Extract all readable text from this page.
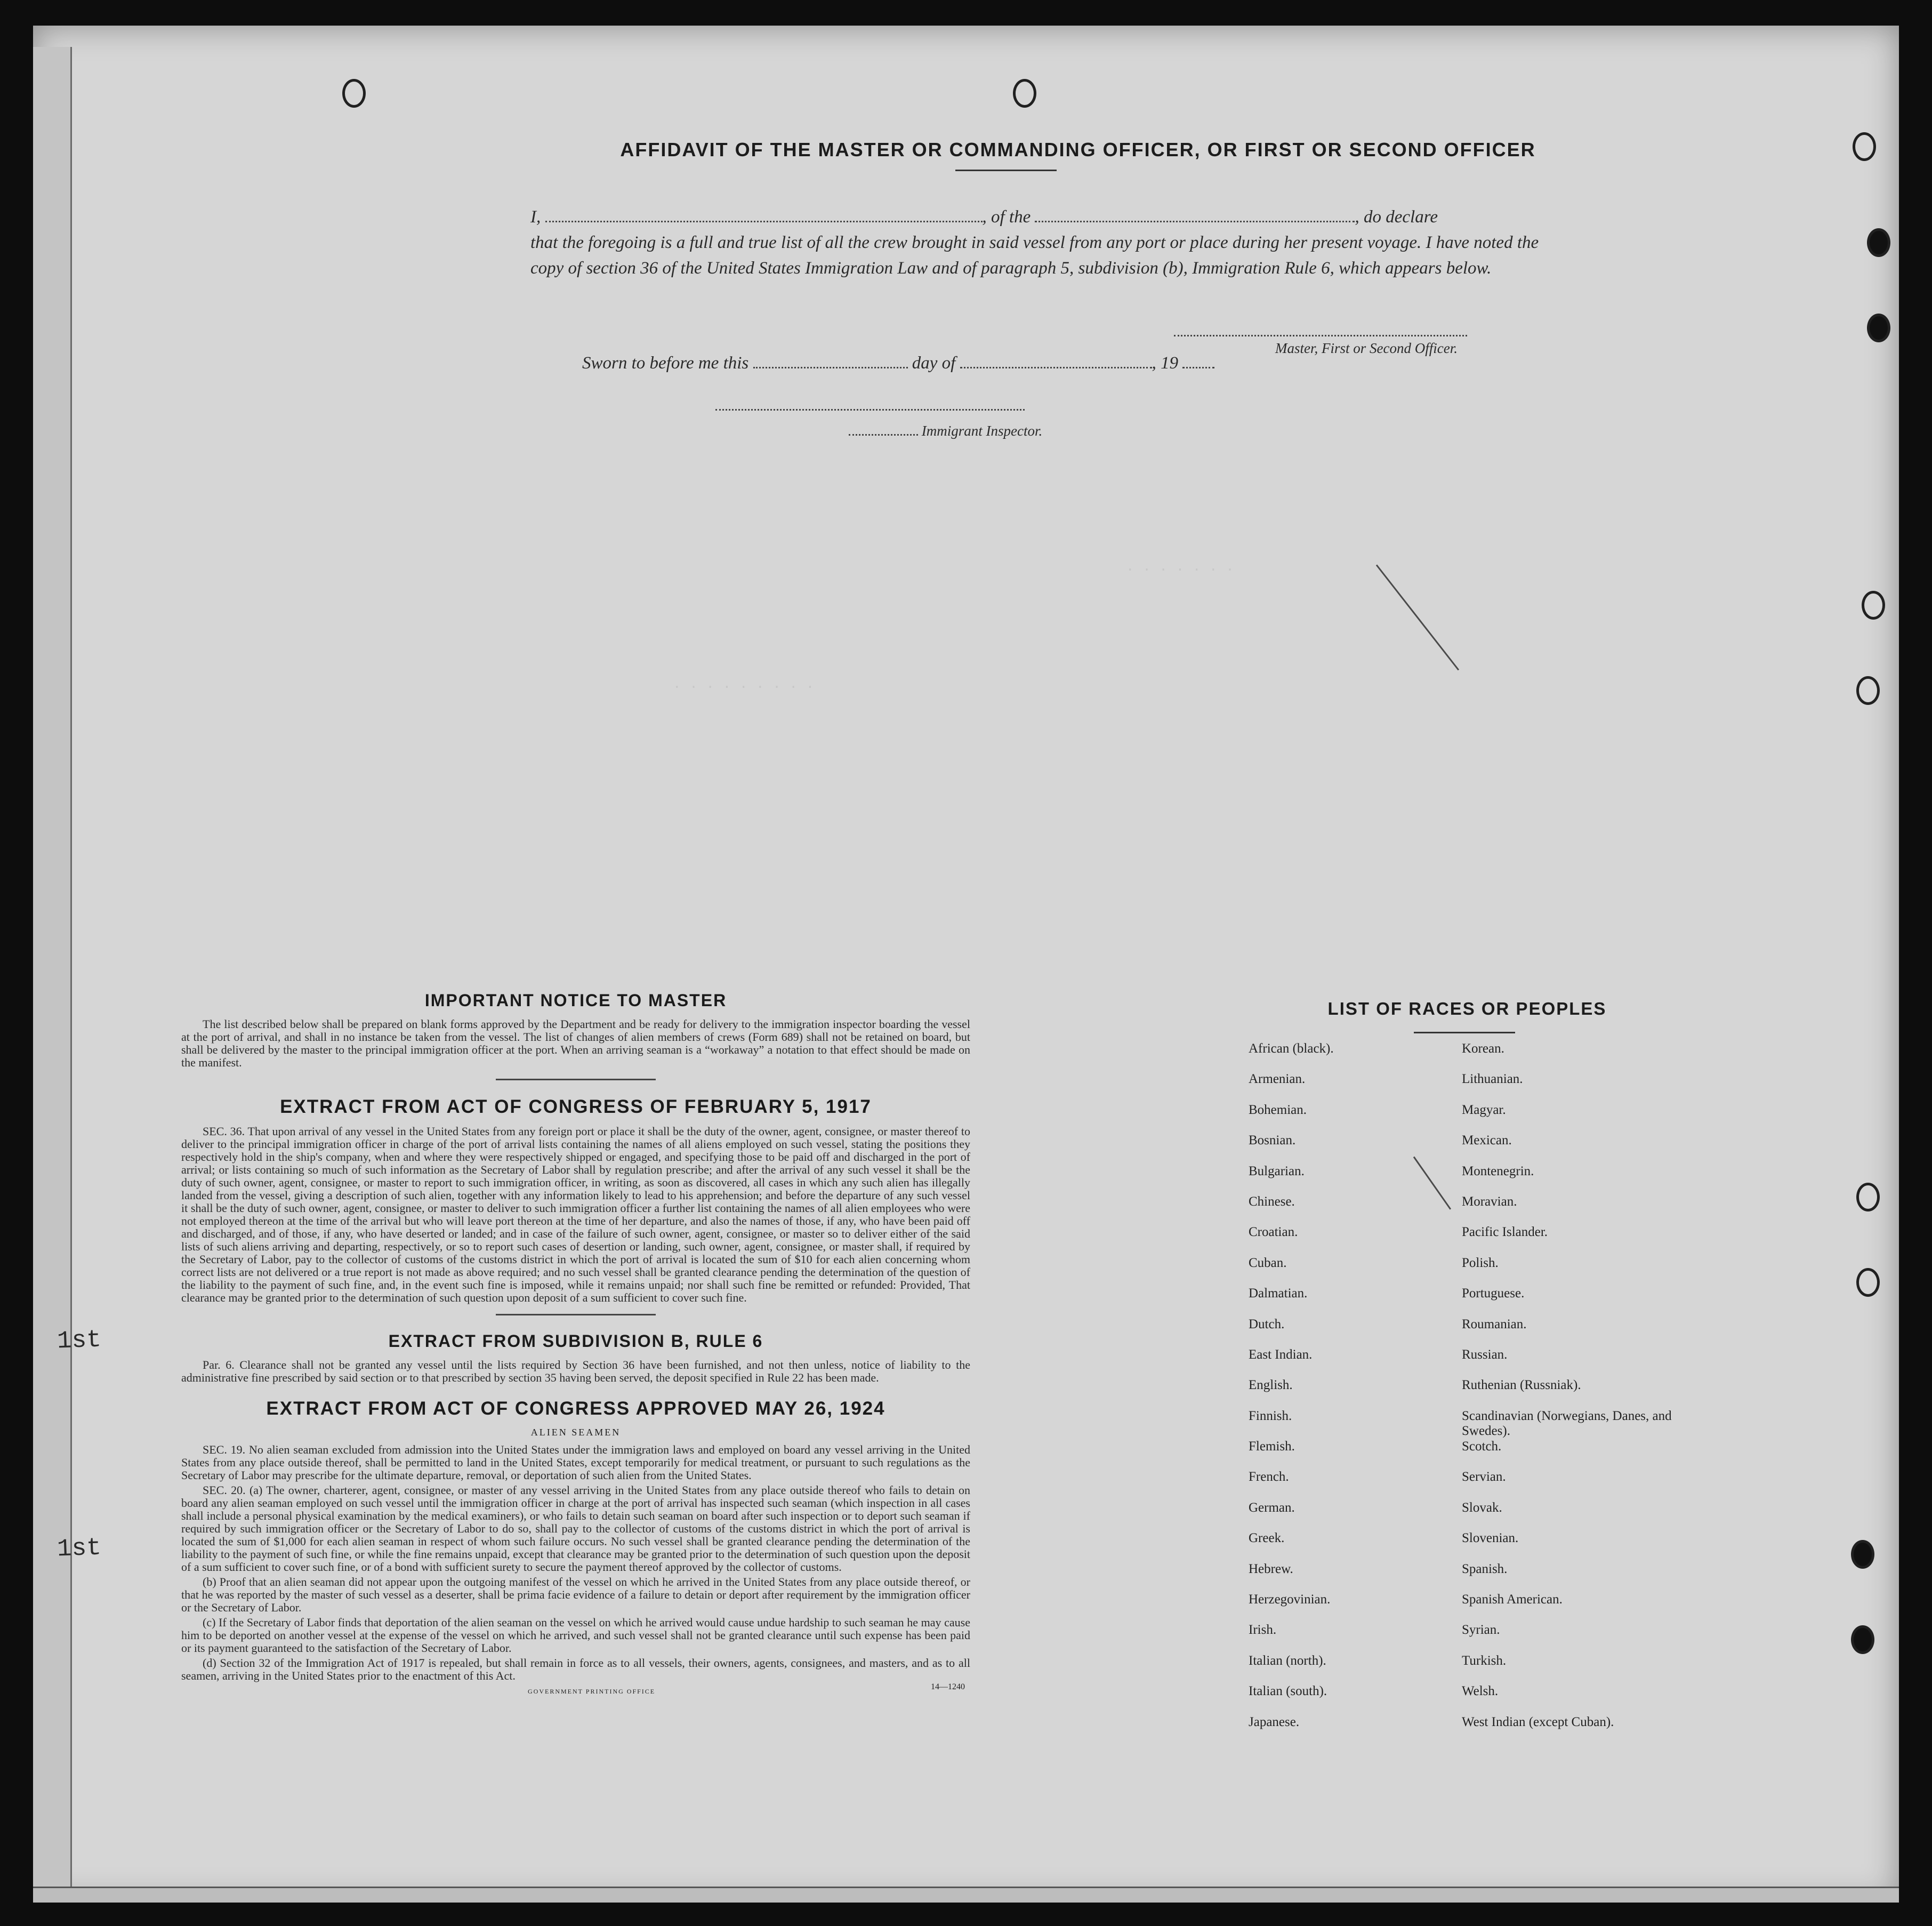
1st
1st
. . . . . . .
. . . . . . . . .
AFFIDAVIT OF THE MASTER OR COMMANDING OFFICER, OR FIRST OR SECOND OFFICER
I,	, of the	, do declare
that the foregoing is a full and true list of all the crew brought in said vessel from any port or place during her present voyage. I have noted the copy of section 36 of the United States Immigration Law and of paragraph 5, subdivision (b), Immigration Rule 6, which appears below.
Master, First or Second Officer.
Sworn to before me this	day of	, 19
Immigrant Inspector.
IMPORTANT NOTICE TO MASTER

The list described below shall be prepared on blank forms approved by the Department and be ready for delivery to the immigration inspector boarding the vessel at the port of arrival, and shall in no instance be taken from the vessel. The list of changes of alien members of crews (Form 689) shall not be retained on board, but shall be delivered by the master to the principal immigration officer at the port. When an arriving seaman is a “workaway” a notation to that effect should be made on the manifest.

EXTRACT FROM ACT OF CONGRESS OF FEBRUARY 5, 1917

SEC. 36. That upon arrival of any vessel in the United States from any foreign port or place it shall be the duty of the owner, agent, consignee, or master thereof to deliver to the principal immigration officer in charge of the port of arrival lists containing the names of all aliens employed on such vessel, stating the positions they respectively hold in the ship's company, when and where they were respectively shipped or engaged, and specifying those to be paid off and discharged in the port of arrival; or lists containing so much of such information as the Secretary of Labor shall by regulation prescribe; and after the arrival of any such vessel it shall be the duty of such owner, agent, consignee, or master to report to such immigration officer, in writing, as soon as discovered, all cases in which any such alien has illegally landed from the vessel, giving a description of such alien, together with any information likely to lead to his apprehension; and before the departure of any such vessel it shall be the duty of such owner, agent, consignee, or master to deliver to such immigration officer a further list containing the names of all alien employees who were not employed thereon at the time of the arrival but who will leave port thereon at the time of her departure, and also the names of those, if any, who have been paid off and discharged, and of those, if any, who have deserted or landed; and in case of the failure of such owner, agent, consignee, or master so to deliver either of the said lists of such aliens arriving and departing, respectively, or so to report such cases of desertion or landing, such owner, agent, consignee, or master shall, if required by the Secretary of Labor, pay to the collector of customs of the customs district in which the port of arrival is located the sum of $10 for each alien concerning whom correct lists are not delivered or a true report is not made as above required; and no such vessel shall be granted clearance pending the determination of the question of the liability to the payment of such fine, and, in the event such fine is imposed, while it remains unpaid; nor shall such fine be remitted or refunded: Provided, That clearance may be granted prior to the determination of such question upon deposit of a sum sufficient to cover such fine.

EXTRACT FROM SUBDIVISION B, RULE 6

Par. 6. Clearance shall not be granted any vessel until the lists required by Section 36 have been furnished, and not then unless, notice of liability to the administrative fine prescribed by said section or to that prescribed by section 35 having been served, the deposit specified in Rule 22 has been made.

EXTRACT FROM ACT OF CONGRESS APPROVED MAY 26, 1924
ALIEN SEAMEN

SEC. 19. No alien seaman excluded from admission into the United States under the immigration laws and employed on board any vessel arriving in the United States from any place outside thereof, shall be permitted to land in the United States, except temporarily for medical treatment, or pursuant to such regulations as the Secretary of Labor may prescribe for the ultimate departure, removal, or deportation of such alien from the United States.

SEC. 20. (a) The owner, charterer, agent, consignee, or master of any vessel arriving in the United States from any place outside thereof who fails to detain on board any alien seaman employed on such vessel until the immigration officer in charge at the port of arrival has inspected such seaman (which inspection in all cases shall include a personal physical examination by the medical examiners), or who fails to detain such seaman on board after such inspection or to deport such seaman if required by such immigration officer or the Secretary of Labor to do so, shall pay to the collector of customs of the customs district in which the port of arrival is located the sum of $1,000 for each alien seaman in respect of whom such failure occurs. No such vessel shall be granted clearance pending the determination of the liability to the payment of such fine, or while the fine remains unpaid, except that clearance may be granted prior to the determination of such question upon the deposit of a sum sufficient to cover such fine, or of a bond with sufficient surety to secure the payment thereof approved by the collector of customs.

(b) Proof that an alien seaman did not appear upon the outgoing manifest of the vessel on which he arrived in the United States from any place outside thereof, or that he was reported by the master of such vessel as a deserter, shall be prima facie evidence of a failure to detain or deport after requirement by the immigration officer or the Secretary of Labor.

(c) If the Secretary of Labor finds that deportation of the alien seaman on the vessel on which he arrived would cause undue hardship to such seaman he may cause him to be deported on another vessel at the expense of the vessel on which he arrived, and such vessel shall not be granted clearance until such expense has been paid or its payment guaranteed to the satisfaction of the Secretary of Labor.

(d) Section 32 of the Immigration Act of 1917 is repealed, but shall remain in force as to all vessels, their owners, agents, consignees, and masters, and as to all seamen, arriving in the United States prior to the enactment of this Act.

GOVERNMENT PRINTING OFFICE	14—1240
LIST OF RACES OR PEOPLES
African (black).	Korean.
Armenian.	Lithuanian.
Bohemian.	Magyar.
Bosnian.	Mexican.
Bulgarian.	Montenegrin.
Chinese.	Moravian.
Croatian.	Pacific Islander.
Cuban.	Polish.
Dalmatian.	Portuguese.
Dutch.	Roumanian.
East Indian.	Russian.
English.	Ruthenian (Russniak).
Finnish.	Scandinavian (Norwegians, Danes, and Swedes).
Flemish.	Scotch.
French.	Servian.
German.	Slovak.
Greek.	Slovenian.
Hebrew.	Spanish.
Herzegovinian.	Spanish American.
Irish.	Syrian.
Italian (north).	Turkish.
Italian (south).	Welsh.
Japanese.	West Indian (except Cuban).
